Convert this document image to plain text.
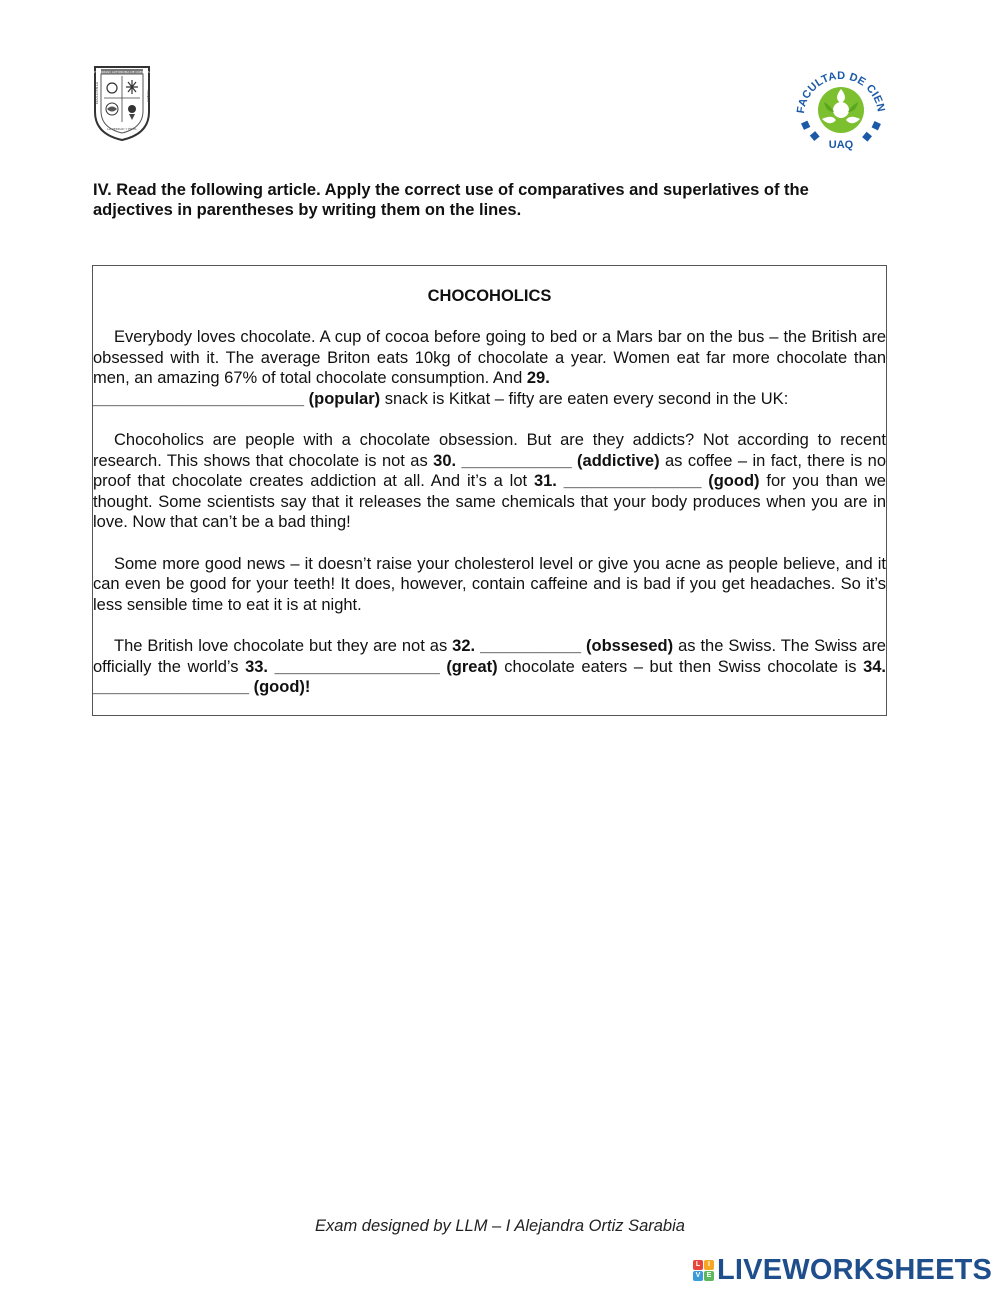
UNIVERSIDAD AUTÓNOMA DE QUERÉTARO
EDUCO EN LA	HONOR
LA VERDAD Y EN EL
FACULTAD DE CIEN
UAQ
IV. Read the following article. Apply the correct use of comparatives and superlatives of the adjectives in parentheses by writing them on the lines.
CHOCOHOLICS

Everybody loves chocolate. A cup of cocoa before going to bed or a Mars bar on the bus – the British are obsessed with it. The average Briton eats 10kg of chocolate a year. Women eat far more chocolate than men, an amazing 67% of total chocolate consumption. And 29.
_______________________ (popular) snack is Kitkat – fifty are eaten every second in the UK:

Chocoholics are people with a chocolate obsession. But are they addicts? Not according to recent research. This shows that chocolate is not as 30. ____________ (addictive) as coffee – in fact, there is no proof that chocolate creates addiction at all. And it’s a lot 31. _______________ (good) for you than we thought. Some scientists say that it releases the same chemicals that your body produces when you are in love. Now that can’t be a bad thing!

Some more good news – it doesn’t raise your cholesterol level or give you acne as people believe, and it can even be good for your teeth! It does, however, contain caffeine and is bad if you get headaches. So it’s less sensible time to eat it is at night.

The British love chocolate but they are not as 32. ___________ (obssesed) as the Swiss. The Swiss are officially the world’s 33. __________________ (great) chocolate eaters – but then Swiss chocolate is 34. _________________ (good)!

Exam designed by LLM – I Alejandra Ortiz Sarabia
L	I
V E LIVEWORKSHEETS
